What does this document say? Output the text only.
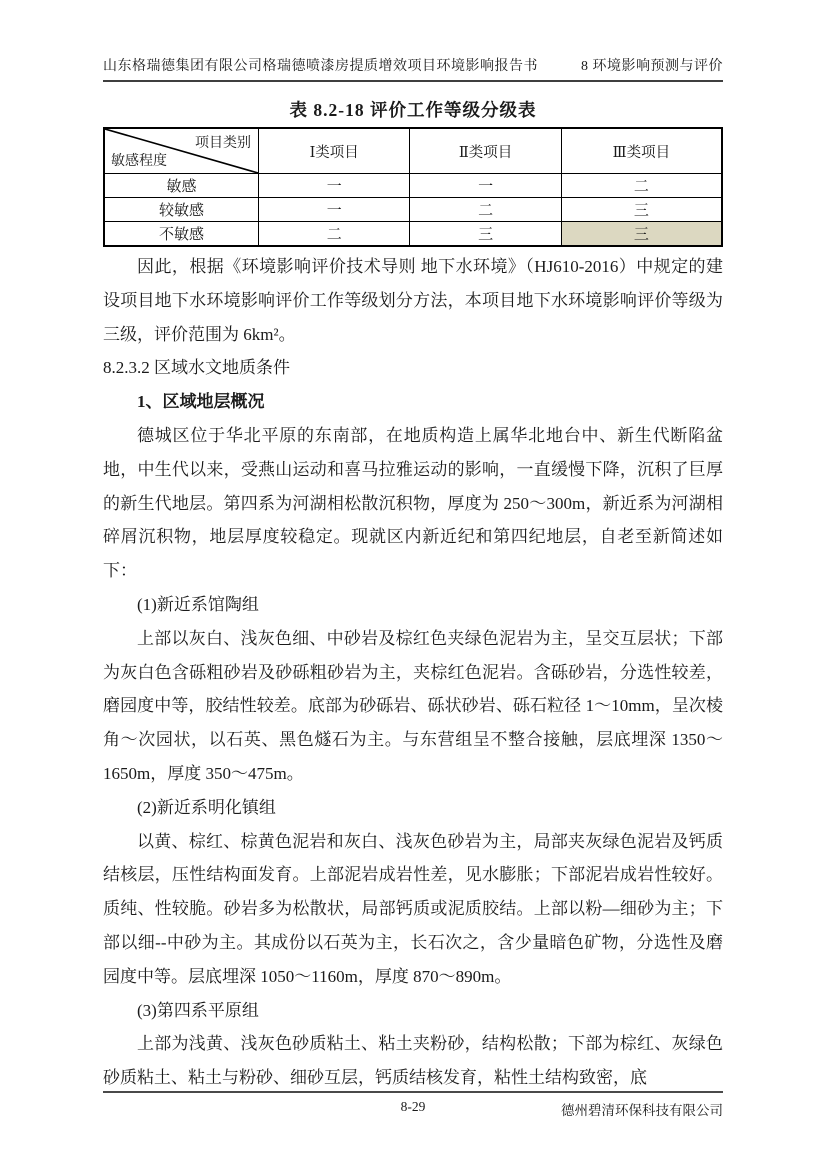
山东格瑞德集团有限公司格瑞德喷漆房提质增效项目环境影响报告书	8 环境影响预测与评价
表 8.2-18 评价工作等级分级表
项目类别
敏感程度	Ⅰ类项目	Ⅱ类项目	Ⅲ类项目
敏感	一	一	二
较敏感	一	二	三
不敏感	二	三	三

因此，根据《环境影响评价技术导则 地下水环境》（HJ610-2016）中规定的建设项目地下水环境影响评价工作等级划分方法，本项目地下水环境影响评价等级为三级，评价范围为 6km²。

8.2.3.2 区域水文地质条件

1、区域地层概况

德城区位于华北平原的东南部，在地质构造上属华北地台中、新生代断陷盆地，中生代以来，受燕山运动和喜马拉雅运动的影响，一直缓慢下降，沉积了巨厚的新生代地层。第四系为河湖相松散沉积物，厚度为 250～300m，新近系为河湖相碎屑沉积物，地层厚度较稳定。现就区内新近纪和第四纪地层，自老至新简述如下：

(1)新近系馆陶组

上部以灰白、浅灰色细、中砂岩及棕红色夹绿色泥岩为主，呈交互层状；下部为灰白色含砾粗砂岩及砂砾粗砂岩为主，夹棕红色泥岩。含砾砂岩，分选性较差，磨园度中等，胶结性较差。底部为砂砾岩、砾状砂岩、砾石粒径 1～10mm，呈次棱角～次园状，以石英、黑色燧石为主。与东营组呈不整合接触，层底埋深 1350～1650m，厚度 350～475m。

(2)新近系明化镇组

以黄、棕红、棕黄色泥岩和灰白、浅灰色砂岩为主，局部夹灰绿色泥岩及钙质结核层，压性结构面发育。上部泥岩成岩性差，见水膨胀；下部泥岩成岩性较好。质纯、性较脆。砂岩多为松散状，局部钙质或泥质胶结。上部以粉—细砂为主；下部以细--中砂为主。其成份以石英为主，长石次之，含少量暗色矿物，分选性及磨园度中等。层底埋深 1050～1160m，厚度 870～890m。

(3)第四系平原组

上部为浅黄、浅灰色砂质粘土、粘土夹粉砂，结构松散；下部为棕红、灰绿色砂质粘土、粘土与粉砂、细砂互层，钙质结核发育，粘性土结构致密，底

8-29	德州碧清环保科技有限公司
